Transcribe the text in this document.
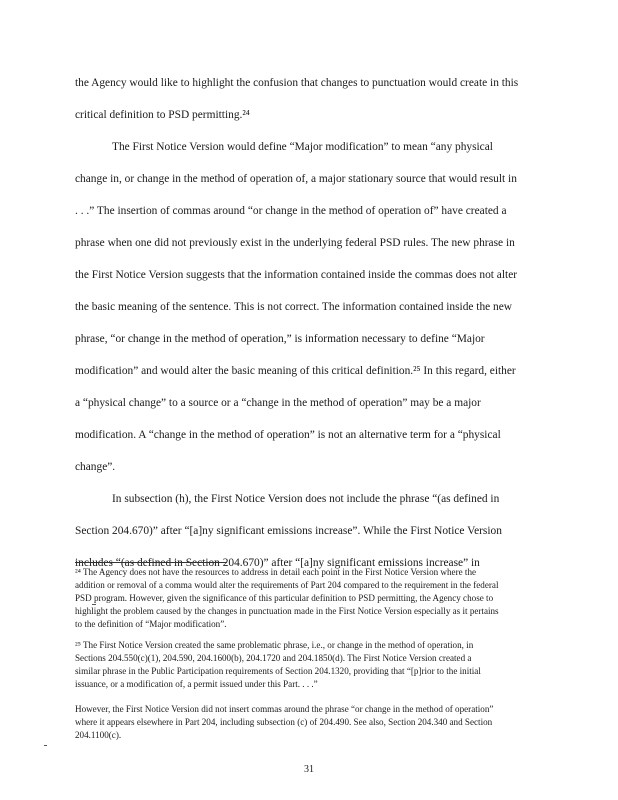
the Agency would like to highlight the confusion that changes to punctuation would create in this
critical definition to PSD permitting.²⁴
The First Notice Version would define “Major modification” to mean “any physical
change in, or change in the method of operation of, a major stationary source that would result in
. . .” The insertion of commas around “or change in the method of operation of” have created a
phrase when one did not previously exist in the underlying federal PSD rules. The new phrase in
the First Notice Version suggests that the information contained inside the commas does not alter
the basic meaning of the sentence. This is not correct. The information contained inside the new
phrase, “or change in the method of operation,” is information necessary to define “Major
modification” and would alter the basic meaning of this critical definition.²⁵ In this regard, either
a “physical change” to a source or a “change in the method of operation” may be a major
modification. A “change in the method of operation” is not an alternative term for a “physical
change”.
In subsection (h), the First Notice Version does not include the phrase “(as defined in
Section 204.670)” after “[a]ny significant emissions increase”. While the First Notice Version
includes “(as defined in Section 204.670)” after “[a]ny significant emissions increase” in
²⁴ The Agency does not have the resources to address in detail each point in the First Notice Version where the
addition or removal of a comma would alter the requirements of Part 204 compared to the requirement in the federal
PSD program. However, given the significance of this particular definition to PSD permitting, the Agency chose to
highlight the problem caused by the changes in punctuation made in the First Notice Version especially as it pertains
to the definition of “Major modification”.
²⁵ The First Notice Version created the same problematic phrase, i.e., or change in the method of operation, in
Sections 204.550(c)(1), 204.590, 204.1600(b), 204.1720 and 204.1850(d). The First Notice Version created a
similar phrase in the Public Participation requirements of Section 204.1320, providing that “[p]rior to the initial
issuance, or a modification of, a permit issued under this Part. . . .”
However, the First Notice Version did not insert commas around the phrase “or change in the method of operation”
where it appears elsewhere in Part 204, including subsection (c) of 204.490. See also, Section 204.340 and Section
204.1100(c).
31
